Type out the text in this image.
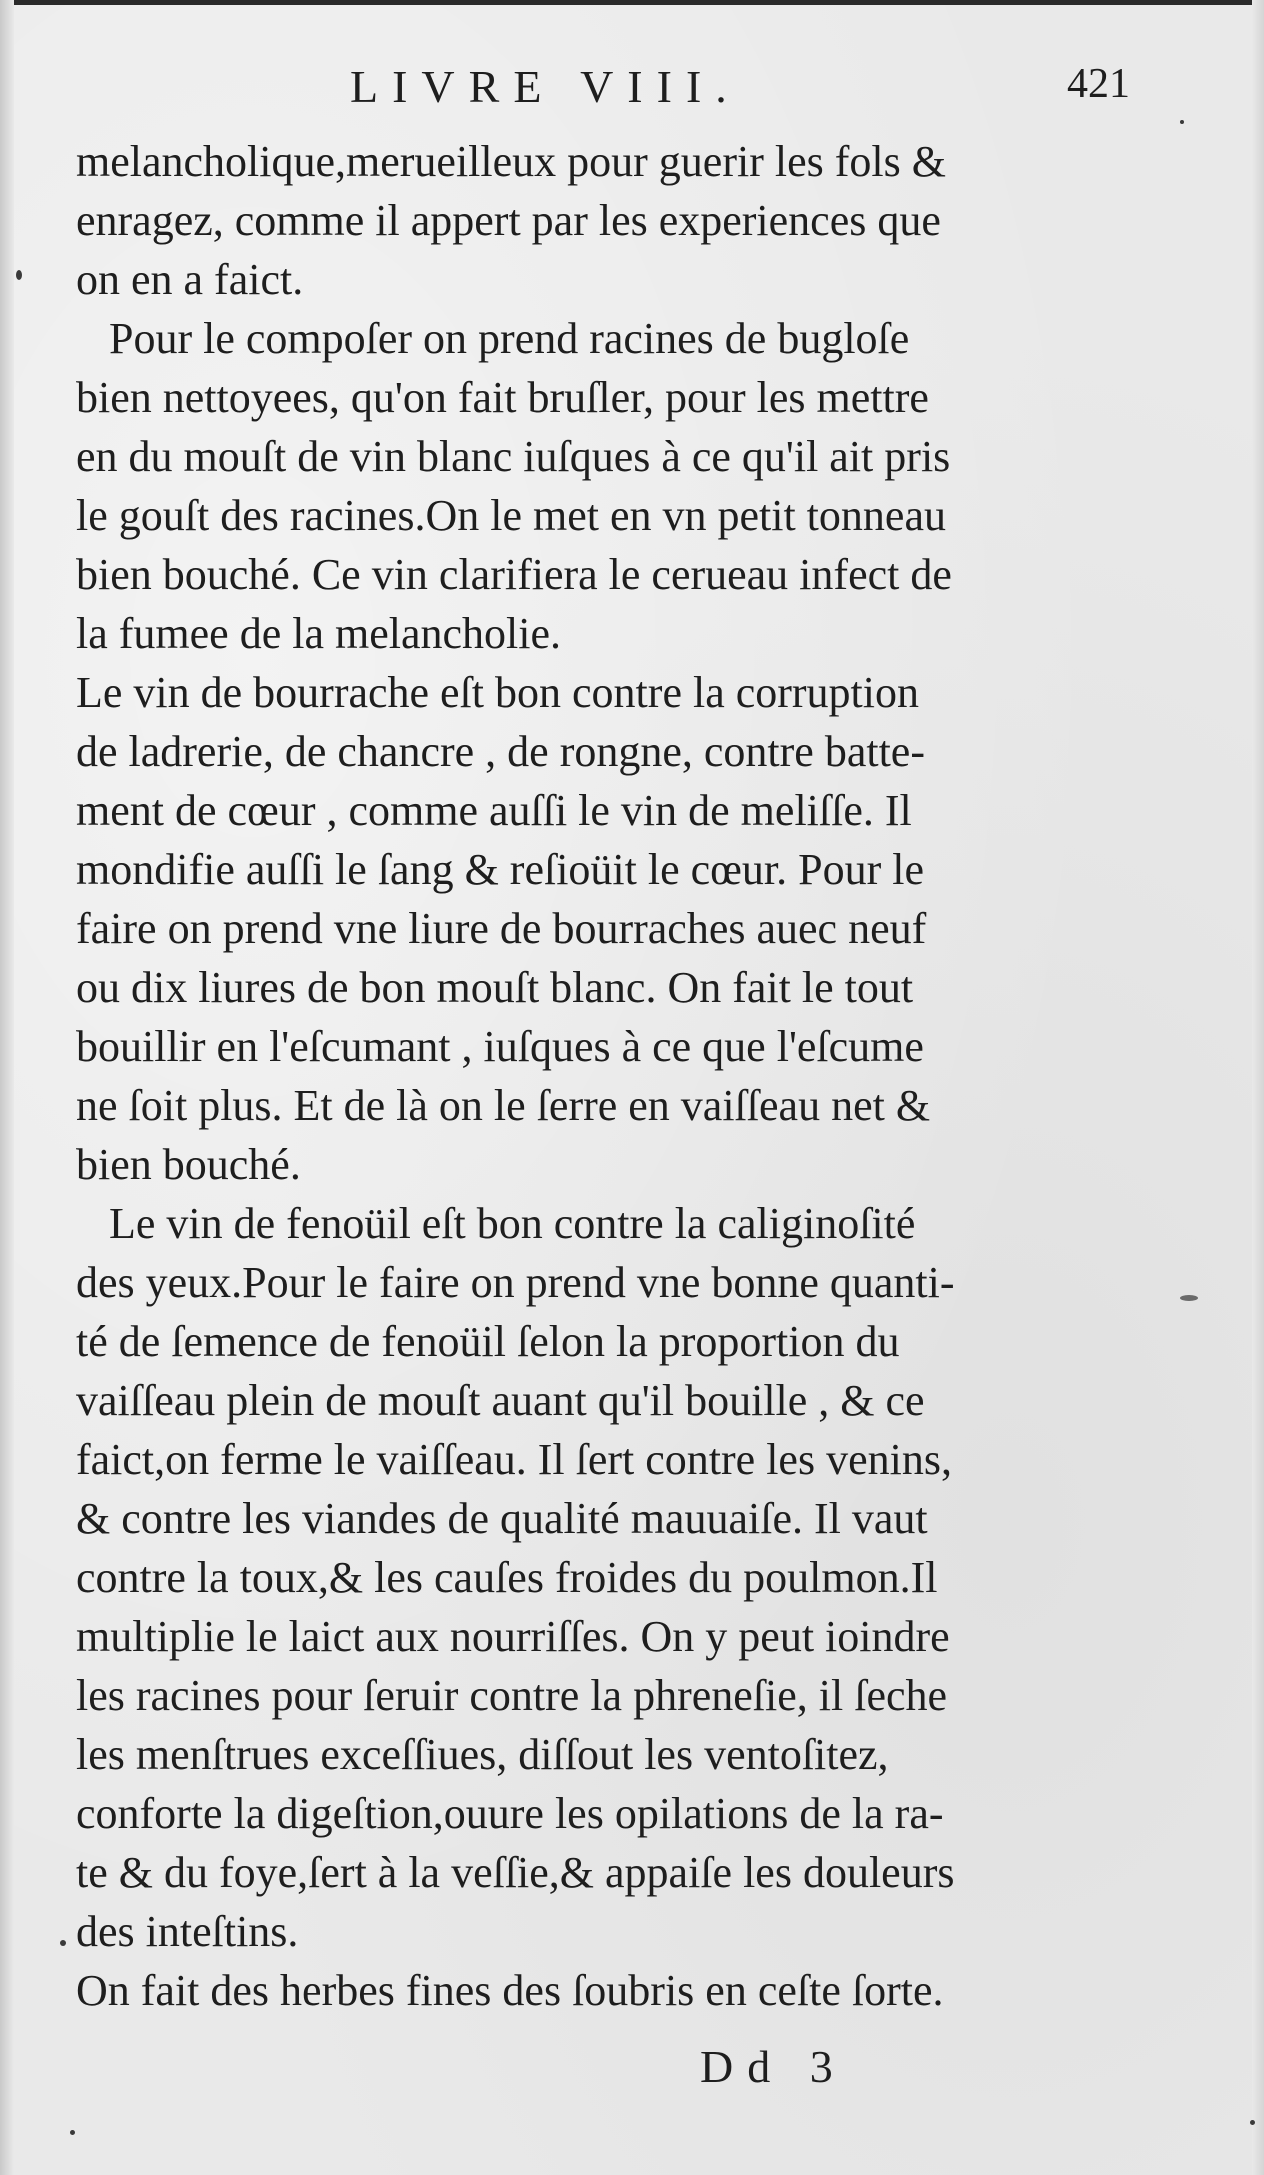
LIVRE VIII.	421
melancholique,merueilleux pour guerir les fols &
enragez, comme il appert par les experiences que
on en a faict.
Pour le compoſer on prend racines de bugloſe
bien nettoyees, qu'on fait bruſler, pour les mettre
en du mouſt de vin blanc iuſques à ce qu'il ait pris
le gouſt des racines.On le met en vn petit tonneau
bien bouché. Ce vin clarifiera le cerueau infect de
la fumee de la melancholie.
Le vin de bourrache eſt bon contre la corruption
de ladrerie, de chancre , de rongne, contre batte-
ment de cœur , comme auſſi le vin de meliſſe. Il
mondifie auſſi le ſang & reſioüit le cœur. Pour le
faire on prend vne liure de bourraches auec neuf
ou dix liures de bon mouſt blanc. On fait le tout
bouillir en l'eſcumant , iuſques à ce que l'eſcume
ne ſoit plus. Et de là on le ſerre en vaiſſeau net &
bien bouché.
Le vin de fenoüil eſt bon contre la caliginoſité
des yeux.Pour le faire on prend vne bonne quanti-
té de ſemence de fenoüil ſelon la proportion du
vaiſſeau plein de mouſt auant qu'il bouille , & ce
faict,on ferme le vaiſſeau. Il ſert contre les venins,
& contre les viandes de qualité mauuaiſe. Il vaut
contre la toux,& les cauſes froides du poulmon.Il
multiplie le laict aux nourriſſes. On y peut ioindre
les racines pour ſeruir contre la phreneſie, il ſeche
les menſtrues exceſſiues, diſſout les ventoſitez,
conforte la digeſtion,ouure les opilations de la ra-
te & du foye,ſert à la veſſie,& appaiſe les douleurs
des inteſtins.
On fait des herbes fines des ſoubris en ceſte ſorte.
Dd 3
